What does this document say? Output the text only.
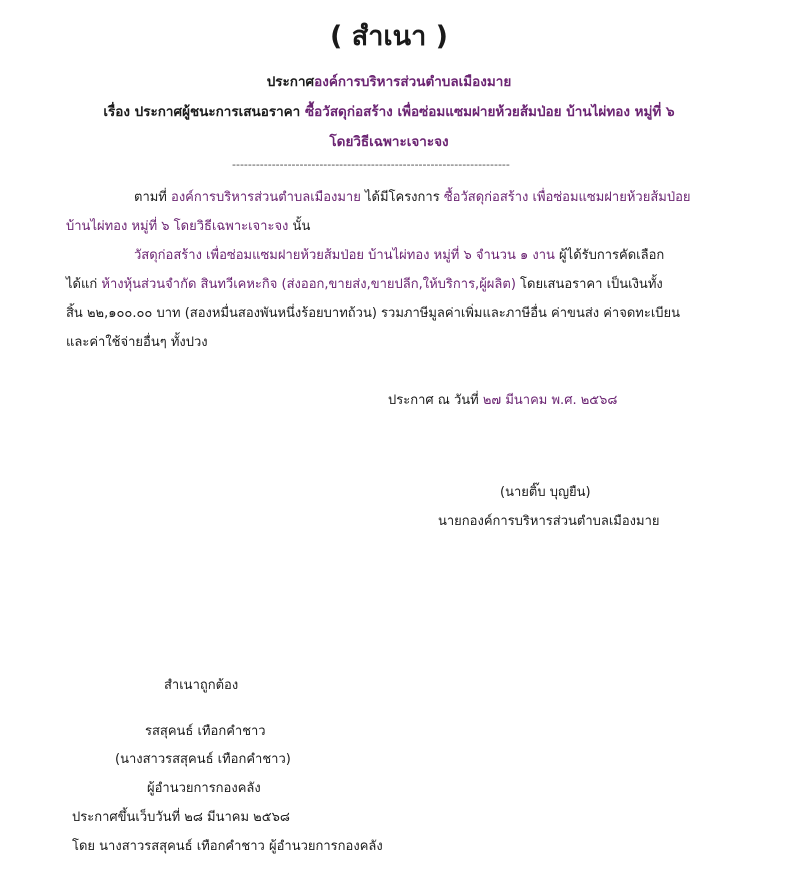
( สำเนา )
ประกาศองค์การบริหารส่วนตำบลเมืองมาย
เรื่อง ประกาศผู้ชนะการเสนอราคา ซื้อวัสดุก่อสร้าง เพื่อซ่อมแซมฝายห้วยส้มป่อย บ้านไผ่ทอง หมู่ที่ ๖
โดยวิธีเฉพาะเจาะจง
----------------------------------------------------------------------
ตามที่ องค์การบริหารส่วนตำบลเมืองมาย ได้มีโครงการ ซื้อวัสดุก่อสร้าง เพื่อซ่อมแซมฝายห้วยส้มป่อย
บ้านไผ่ทอง หมู่ที่ ๖ โดยวิธีเฉพาะเจาะจง นั้น
วัสดุก่อสร้าง เพื่อซ่อมแซมฝายห้วยส้มป่อย บ้านไผ่ทอง หมู่ที่ ๖ จำนวน ๑ งาน ผู้ได้รับการคัดเลือก
ได้แก่ ห้างหุ้นส่วนจำกัด สินทวีเคหะกิจ (ส่งออก,ขายส่ง,ขายปลีก,ให้บริการ,ผู้ผลิต) โดยเสนอราคา เป็นเงินทั้ง
สิ้น ๒๒,๑๐๐.๐๐ บาท (สองหมื่นสองพันหนึ่งร้อยบาทถ้วน) รวมภาษีมูลค่าเพิ่มและภาษีอื่น ค่าขนส่ง ค่าจดทะเบียน
และค่าใช้จ่ายอื่นๆ ทั้งปวง
ประกาศ ณ วันที่ ๒๗ มีนาคม พ.ศ. ๒๕๖๘
(นายติ๊บ บุญยืน)
นายกองค์การบริหารส่วนตำบลเมืองมาย
สำเนาถูกต้อง
รสสุคนธ์ เทือกคำชาว
(นางสาวรสสุคนธ์ เทือกคำชาว)
ผู้อำนวยการกองคลัง
ประกาศขึ้นเว็บวันที่ ๒๘ มีนาคม ๒๕๖๘
โดย นางสาวรสสุคนธ์ เทือกคำชาว ผู้อำนวยการกองคลัง
